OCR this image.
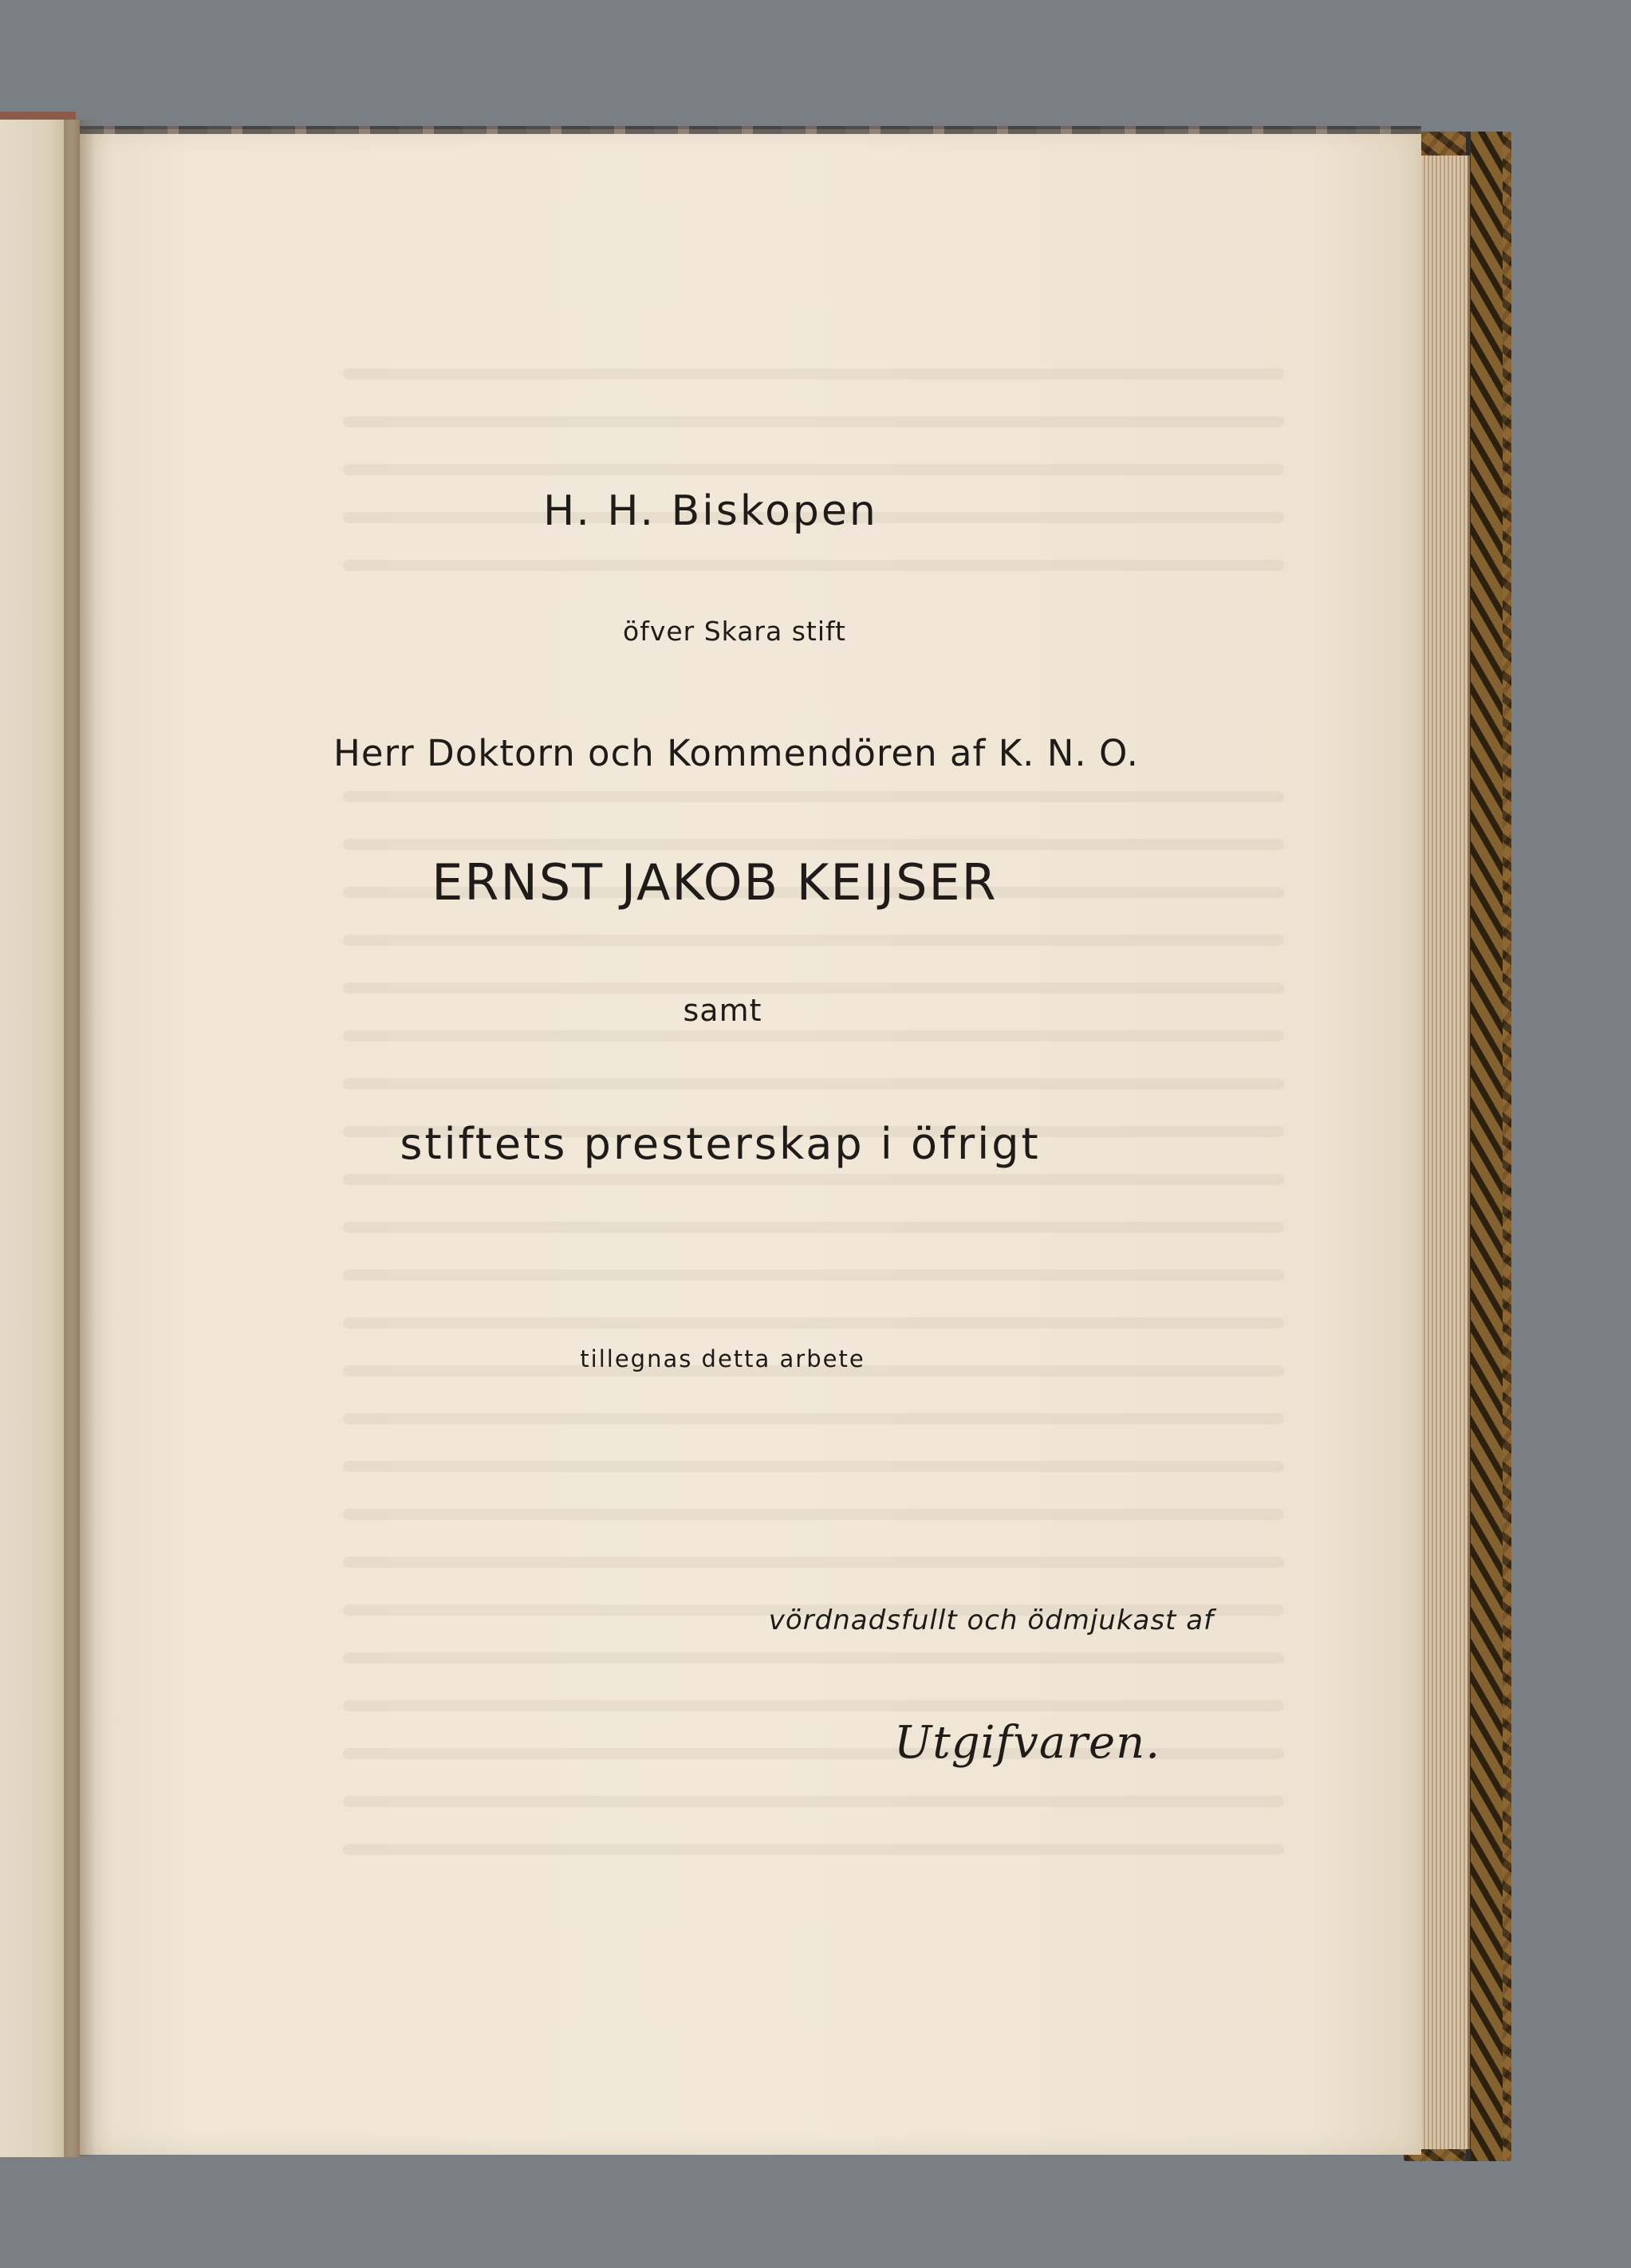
H. H. Biskopen

öfver Skara stift

Herr Doktorn och Kommendören af K. N. O.

ERNST JAKOB KEIJSER

samt

stiftets presterskap i öfrigt

tillegnas detta arbete

vördnadsfullt och ödmjukast af

Utgifvaren.
